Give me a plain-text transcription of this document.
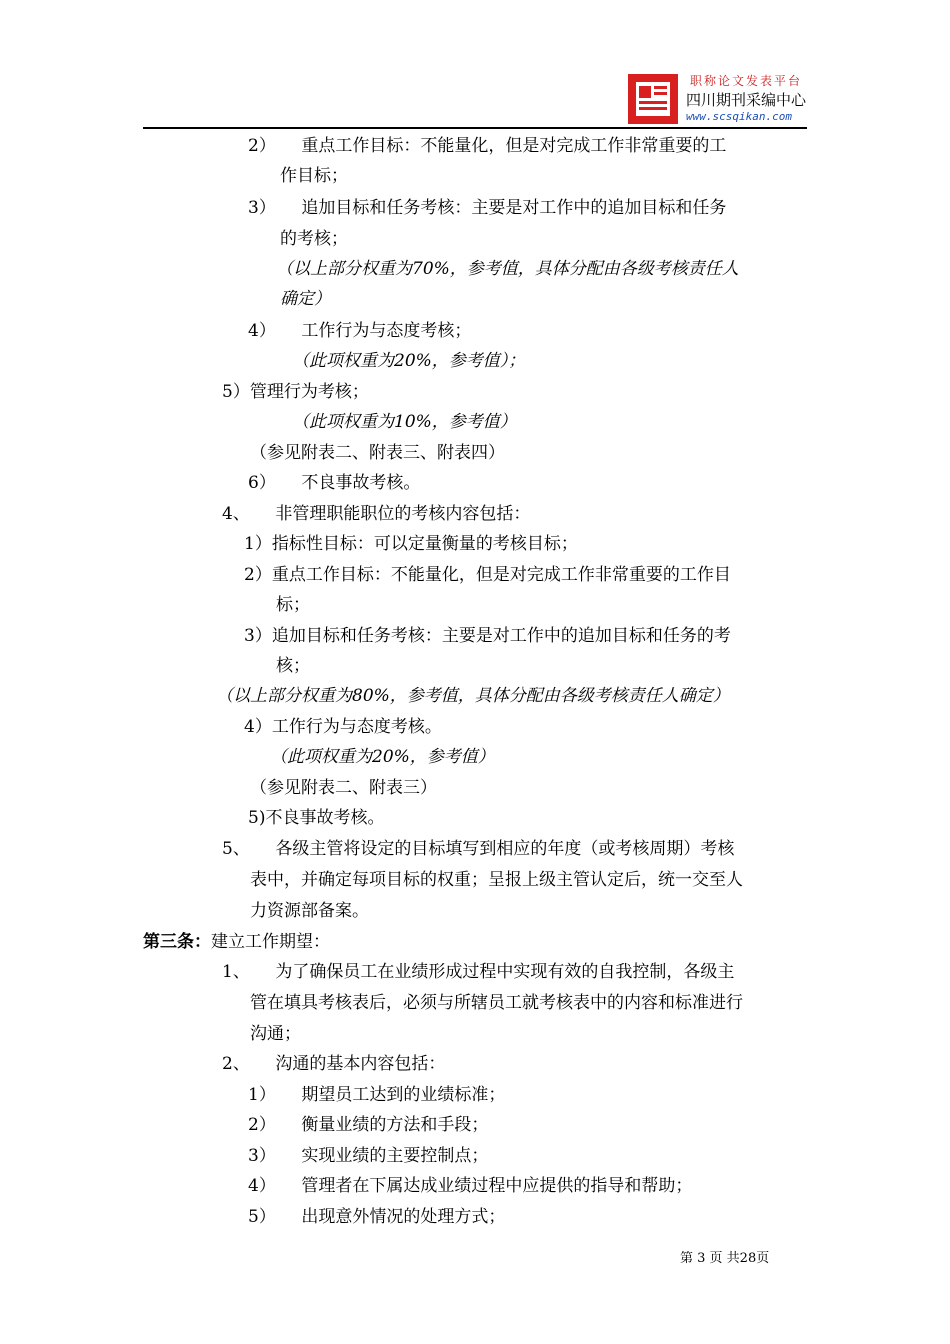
职称论文发表平台
四川期刊采编中心
www.scsqikan.com
2）　　重点工作目标：不能量化，但是对完成工作非常重要的工
作目标；
3）　　追加目标和任务考核：主要是对工作中的追加目标和任务
的考核；
（以上部分权重为70%，参考值，具体分配由各级考核责任人
确定）
4）　　工作行为与态度考核；
（此项权重为20%，参考值）；
5）管理行为考核；
（此项权重为10%，参考值）
（参见附表二、附表三、附表四）
6）　　不良事故考核。
4、　　非管理职能职位的考核内容包括：
1）指标性目标：可以定量衡量的考核目标；
2）重点工作目标：不能量化，但是对完成工作非常重要的工作目
标；
3）追加目标和任务考核：主要是对工作中的追加目标和任务的考
核；
（以上部分权重为80%，参考值，具体分配由各级考核责任人确定）
4）工作行为与态度考核。
（此项权重为20%，参考值）
（参见附表二、附表三）
5)不良事故考核。
5、　　各级主管将设定的目标填写到相应的年度（或考核周期）考核
表中，并确定每项目标的权重；呈报上级主管认定后，统一交至人
力资源部备案。
1、　　为了确保员工在业绩形成过程中实现有效的自我控制，各级主
管在填具考核表后，必须与所辖员工就考核表中的内容和标准进行
沟通；
2、　　沟通的基本内容包括：
1）　　期望员工达到的业绩标准；
2）　　衡量业绩的方法和手段；
3）　　实现业绩的主要控制点；
4）　　管理者在下属达成业绩过程中应提供的指导和帮助；
5）　　出现意外情况的处理方式；
第三条：建立工作期望：
第 3 页 共28页
